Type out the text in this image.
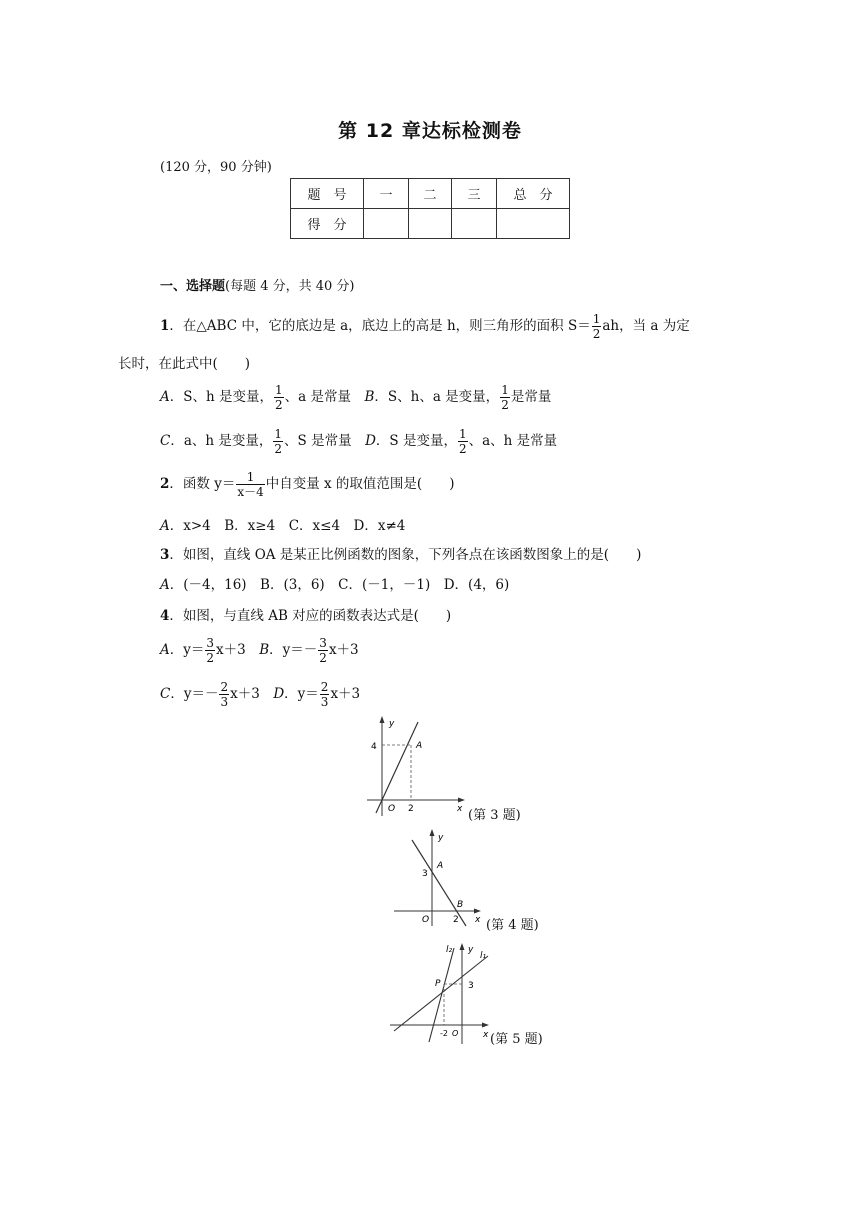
第 12 章达标检测卷
(120 分，90 分钟)
题　号	一	二	三	总　分
得　分				
一、选择题(每题 4 分，共 40 分)
1．在△ABC 中，它的底边是 a，底边上的高是 h，则三角形的面积 $S= \frac{1}{2}$ ah，当 a 为定
长时，在此式中(　　)
A．S、h 是变量， $\frac{1}{2}$ 、a 是常量　B．S、h、a 是变量， $\frac{1}{2}$ 是常量
C．a、h 是变量， $\frac{1}{2}$ 、S 是常量　D．S 是变量， $\frac{1}{2}$ 、a、h 是常量
2．函数 $y= \frac{1}{x-4}$ 中自变量 x 的取值范围是(　　)
A．x>4　B．x≥4　C．x≤4　D．x≠4
3．如图，直线 OA 是某正比例函数的图象，下列各点在该函数图象上的是(　　)
A．(－4，16)　B．(3，6)　C．(－1，－1)　D．(4，6)
4．如图，与直线 AB 对应的函数表达式是(　　)
A．$y= \frac{3}{2} x+3$　B．$y=- \frac{3}{2} x+3$
C．$y=- \frac{2}{3} x+3$　D．$y= \frac{2}{3} x+3$
y
x
O
A
4
2	(第 3 题)
y
x
O
A
B
3
2 (第 4 题)
y
x
P
l₂
l₁
3
-2 O (第 5 题)
